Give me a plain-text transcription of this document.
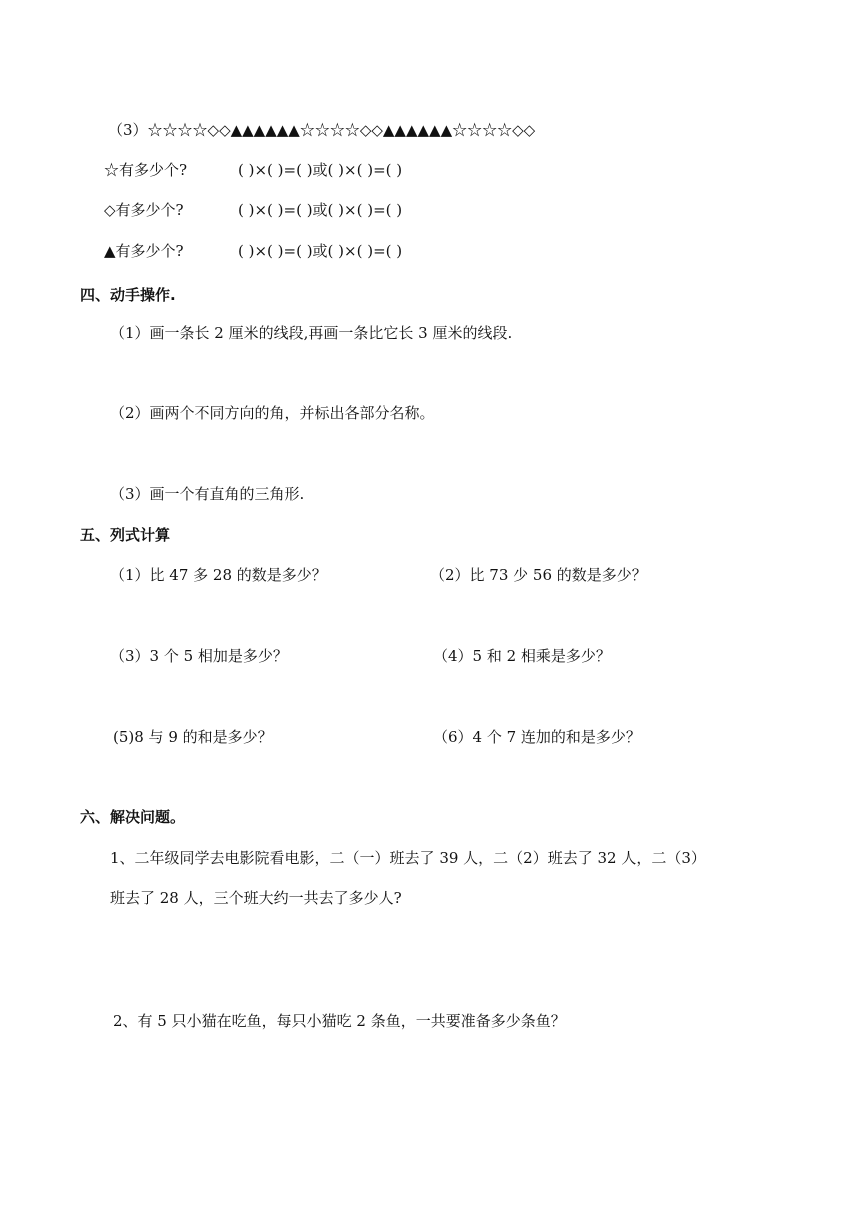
（3）☆☆☆☆◇◇▲▲▲▲▲▲☆☆☆☆◇◇▲▲▲▲▲▲☆☆☆☆◇◇
☆有多少个?	( )×( )=( )或( )×( )=( )
◇有多少个?	( )×( )=( )或( )×( )=( )
▲有多少个?	( )×( )=( )或( )×( )=( )
四、动手操作.
（1）画一条长 2 厘米的线段,再画一条比它长 3 厘米的线段.
（2）画两个不同方向的角，并标出各部分名称。
（3）画一个有直角的三角形.
五、列式计算
（1）比 47 多 28 的数是多少？	（2）比 73 少 56 的数是多少？
（3）3 个 5 相加是多少？	（4）5 和 2 相乘是多少？
(5)8 与 9 的和是多少？	（6）4 个 7 连加的和是多少？
六、解决问题。
1、二年级同学去电影院看电影，二（一）班去了 39 人，二（2）班去了 32 人，二（3）
班去了 28 人，三个班大约一共去了多少人?
2、有 5 只小猫在吃鱼，每只小猫吃 2 条鱼，一共要准备多少条鱼？
